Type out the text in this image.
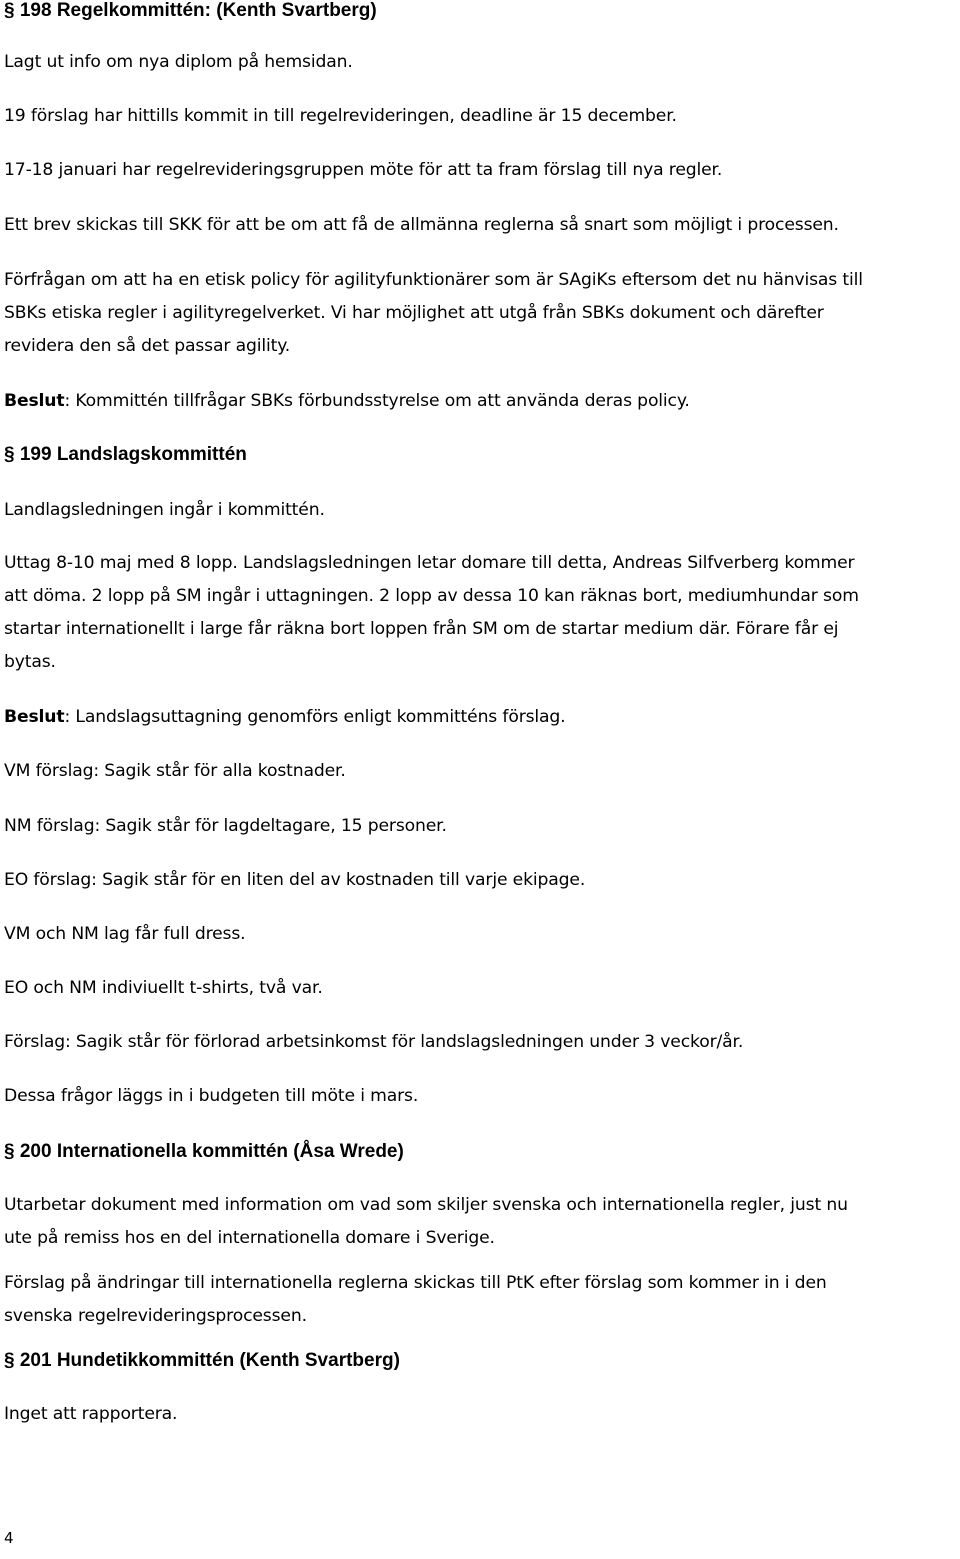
§ 198 Regelkommittén: (Kenth Svartberg)
Lagt ut info om nya diplom på hemsidan.
19 förslag har hittills kommit in till regelrevideringen, deadline är 15 december.
17-18 januari har regelrevideringsgruppen möte för att ta fram förslag till nya regler.
Ett brev skickas till SKK för att be om att få de allmänna reglerna så snart som möjligt i processen.
Förfrågan om att ha en etisk policy för agilityfunktionärer som är SAgiKs eftersom det nu hänvisas till
SBKs etiska regler i agilityregelverket. Vi har möjlighet att utgå från SBKs dokument och därefter
revidera den så det passar agility.
Beslut: Kommittén tillfrågar SBKs förbundsstyrelse om att använda deras policy.
§ 199 Landslagskommittén
Landlagsledningen ingår i kommittén.
Uttag 8-10 maj med 8 lopp. Landslagsledningen letar domare till detta, Andreas Silfverberg kommer
att döma. 2 lopp på SM ingår i uttagningen. 2 lopp av dessa 10 kan räknas bort, mediumhundar som
startar internationellt i large får räkna bort loppen från SM om de startar medium där. Förare får ej
bytas.
Beslut: Landslagsuttagning genomförs enligt kommitténs förslag.
VM förslag: Sagik står för alla kostnader.
NM förslag: Sagik står för lagdeltagare, 15 personer.
EO förslag: Sagik står för en liten del av kostnaden till varje ekipage.
VM och NM lag får full dress.
EO och NM indiviuellt t-shirts, två var.
Förslag: Sagik står för förlorad arbetsinkomst för landslagsledningen under 3 veckor/år.
Dessa frågor läggs in i budgeten till möte i mars.
§ 200 Internationella kommittén (Åsa Wrede)
Utarbetar dokument med information om vad som skiljer svenska och internationella regler, just nu
ute på remiss hos en del internationella domare i Sverige.
Förslag på ändringar till internationella reglerna skickas till PtK efter förslag som kommer in i den
svenska regelrevideringsprocessen.
§ 201 Hundetikkommittén (Kenth Svartberg)
Inget att rapportera.
4
